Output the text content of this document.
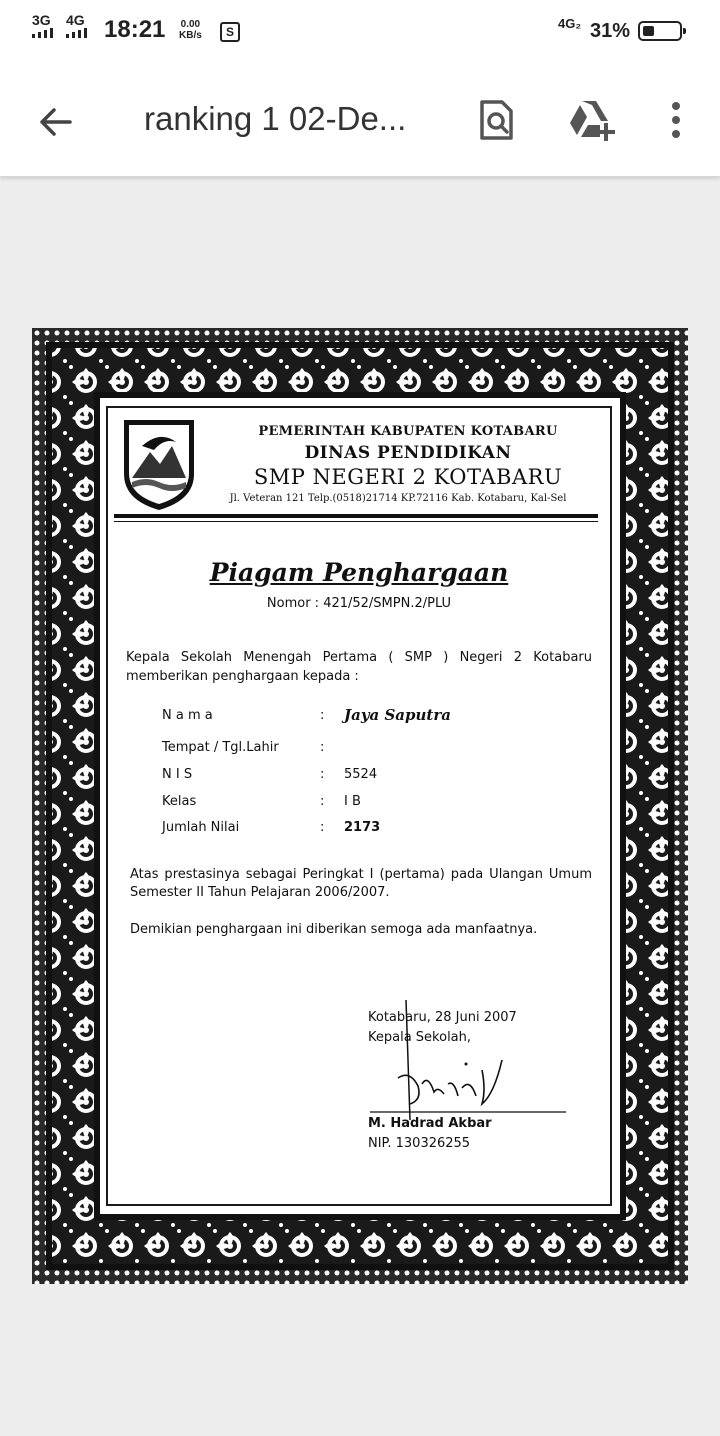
3G 4G 18:21 0.00
KB/s	S
4G₂ 31%
ranking 1 02-De...
PEMERINTAH KABUPATEN KOTABARU
DINAS PENDIDIKAN
SMP NEGERI 2 KOTABARU
Jl. Veteran 121 Telp.(0518)21714 KP.72116 Kab. Kotabaru, Kal-Sel
Piagam Penghargaan
Nomor : 421/52/SMPN.2/PLU
Kepala Sekolah Menengah Pertama ( SMP ) Negeri 2 Kotabaru memberikan penghargaan kepada :
N a m a	: Jaya Saputra
Tempat / Tgl.Lahir	:
N I S	: 5524
Kelas	: I B
Jumlah Nilai	: 2173
Atas prestasinya sebagai Peringkat I (pertama) pada Ulangan Umum Semester II Tahun Pelajaran 2006/2007.
Demikian penghargaan ini diberikan semoga ada manfaatnya.
Kotabaru, 28 Juni 2007
Kepala Sekolah,
M. Hadrad Akbar
NIP. 130326255
